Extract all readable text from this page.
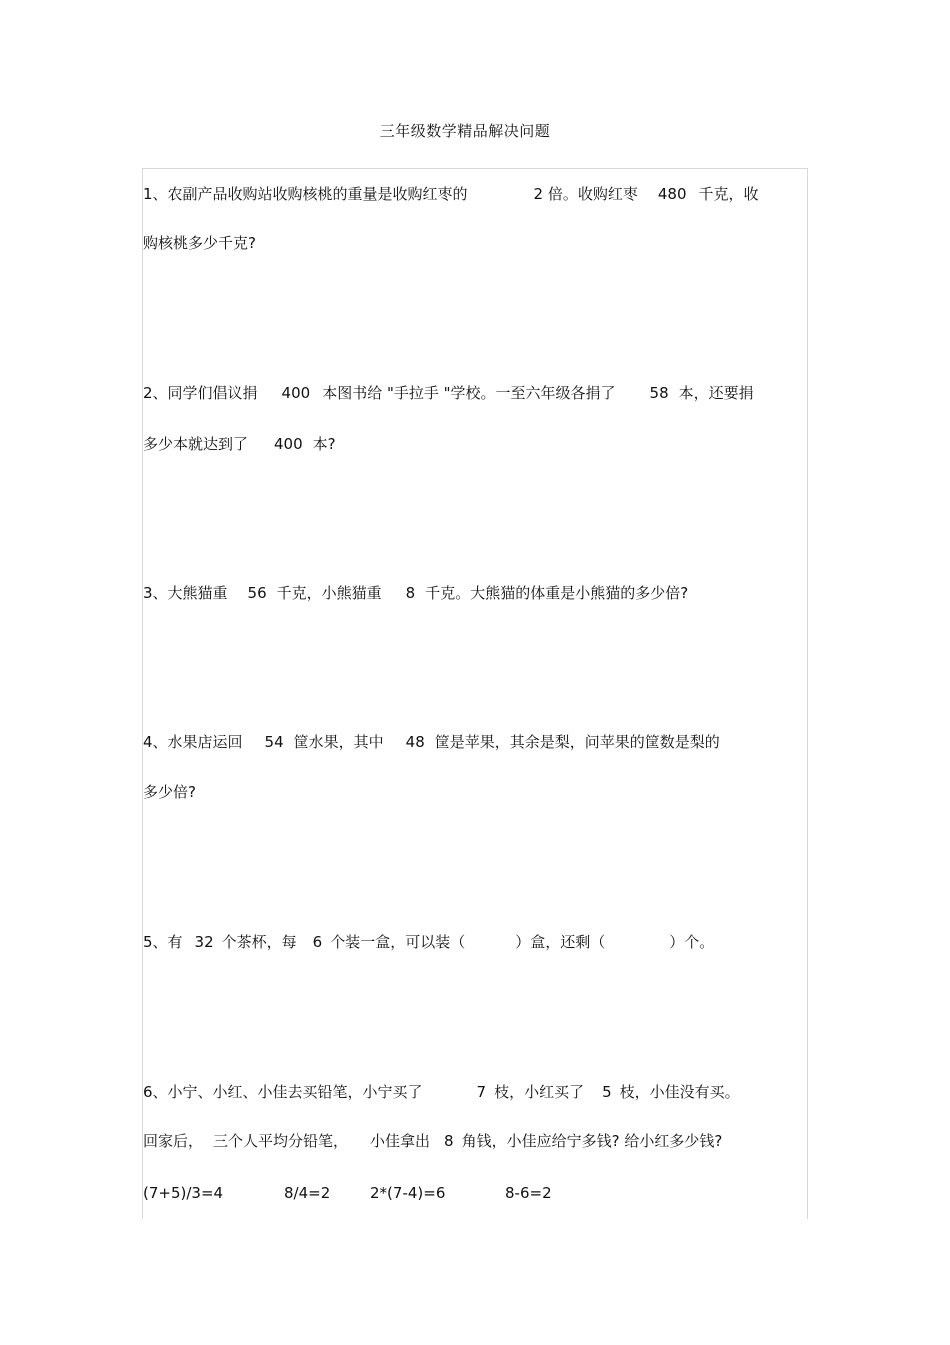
三年级数学精品解决问题
1、农副产品收购站收购核桃的重量是收购红枣的	2 倍。收购红枣 480 千克，收
购核桃多少千克?
2、同学们倡议捐 400 本图书给 "手拉手 "学校。一至六年级各捐了 58 本，还要捐
多少本就达到了 400 本?
3、大熊猫重 56 千克，小熊猫重 8 千克。大熊猫的体重是小熊猫的多少倍?
4、水果店运回 54 筐水果，其中 48 筐是苹果，其余是梨，问苹果的筐数是梨的
多少倍?
5、有 32 个茶杯，每 6 个装一盒，可以装（	）盒，还剩（	）个。
6、小宁、小红、小佳去买铅笔，小宁买了	7 枝，小红买了 5 枝，小佳没有买。
回家后， 三个人平均分铅笔， 小佳拿出 8 角钱，小佳应给宁多钱? 给小红多少钱?
(7+5)/3=4	8/4=2	2*(7-4)=6	8-6=2
